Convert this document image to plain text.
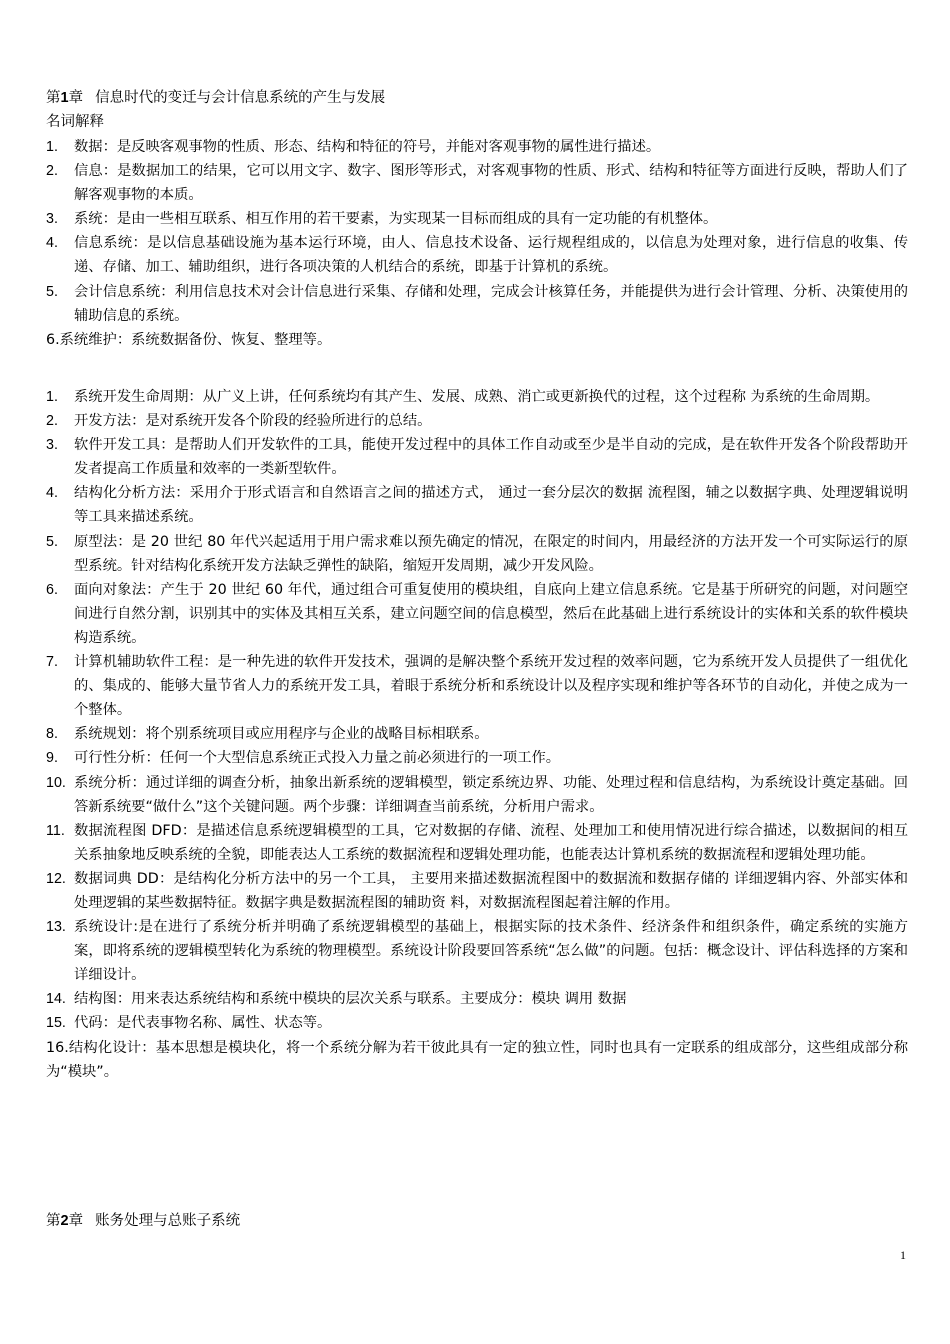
第1章 信息时代的变迁与会计信息系统的产生与发展
名词解释
1. 数据：是反映客观事物的性质、形态、结构和特征的符号，并能对客观事物的属性进行描述。
2. 信息：是数据加工的结果，它可以用文字、数字、图形等形式，对客观事物的性质、形式、结构和特征等方面进行反映，帮助人们了解客观事物的本质。
3. 系统：是由一些相互联系、相互作用的若干要素，为实现某一目标而组成的具有一定功能的有机整体。
4. 信息系统：是以信息基础设施为基本运行环境，由人、信息技术设备、运行规程组成的，以信息为处理对象，进行信息的收集、传递、存储、加工、辅助组织，进行各项决策的人机结合的系统，即基于计算机的系统。
5. 会计信息系统：利用信息技术对会计信息进行采集、存储和处理，完成会计核算任务，并能提供为进行会计管理、分析、决策使用的辅助信息的系统。
6.系统维护：系统数据备份、恢复、整理等。
1. 系统开发生命周期：从广义上讲，任何系统均有其产生、发展、成熟、消亡或更新换代的过程，这个过程称 为系统的生命周期。
2. 开发方法：是对系统开发各个阶段的经验所进行的总结。
3. 软件开发工具：是帮助人们开发软件的工具，能使开发过程中的具体工作自动或至少是半自动的完成，是在软件开发各个阶段帮助开发者提高工作质量和效率的一类新型软件。
4. 结构化分析方法：采用介于形式语言和自然语言之间的描述方式， 通过一套分层次的数据 流程图，辅之以数据字典、处理逻辑说明等工具来描述系统。
5. 原型法：是 20 世纪 80 年代兴起适用于用户需求难以预先确定的情况，在限定的时间内，用最经济的方法开发一个可实际运行的原型系统。针对结构化系统开发方法缺乏弹性的缺陷，缩短开发周期，减少开发风险。
6. 面向对象法：产生于 20 世纪 60 年代，通过组合可重复使用的模块组，自底向上建立信息系统。它是基于所研究的问题，对问题空间进行自然分割，识别其中的实体及其相互关系，建立问题空间的信息模型，然后在此基础上进行系统设计的实体和关系的软件模块构造系统。
7. 计算机辅助软件工程：是一种先进的软件开发技术，强调的是解决整个系统开发过程的效率问题，它为系统开发人员提供了一组优化的、集成的、能够大量节省人力的系统开发工具，着眼于系统分析和系统设计以及程序实现和维护等各环节的自动化，并使之成为一个整体。
8. 系统规划：将个别系统项目或应用程序与企业的战略目标相联系。
9. 可行性分析：任何一个大型信息系统正式投入力量之前必须进行的一项工作。
10. 系统分析：通过详细的调查分析，抽象出新系统的逻辑模型，锁定系统边界、功能、处理过程和信息结构，为系统设计奠定基础。回答新系统要“做什么”这个关键问题。两个步骤：详细调查当前系统，分析用户需求。
11. 数据流程图 DFD：是描述信息系统逻辑模型的工具，它对数据的存储、流程、处理加工和使用情况进行综合描述，以数据间的相互关系抽象地反映系统的全貌，即能表达人工系统的数据流程和逻辑处理功能，也能表达计算机系统的数据流程和逻辑处理功能。
12. 数据词典 DD：是结构化分析方法中的另一个工具， 主要用来描述数据流程图中的数据流和数据存储的 详细逻辑内容、外部实体和处理逻辑的某些数据特征。数据字典是数据流程图的辅助资 料，对数据流程图起着注解的作用。
13. 系统设计:是在进行了系统分析并明确了系统逻辑模型的基础上，根据实际的技术条件、经济条件和组织条件，确定系统的实施方案，即将系统的逻辑模型转化为系统的物理模型。系统设计阶段要回答系统“怎么做”的问题。包括：概念设计、评估科选择的方案和详细设计。
14. 结构图：用来表达系统结构和系统中模块的层次关系与联系。主要成分：模块 调用 数据
15. 代码：是代表事物名称、属性、状态等。
16.结构化设计：基本思想是模块化，将一个系统分解为若干彼此具有一定的独立性，同时也具有一定联系的组成部分，这些组成部分称为“模块”。
第2章 账务处理与总账子系统
1
